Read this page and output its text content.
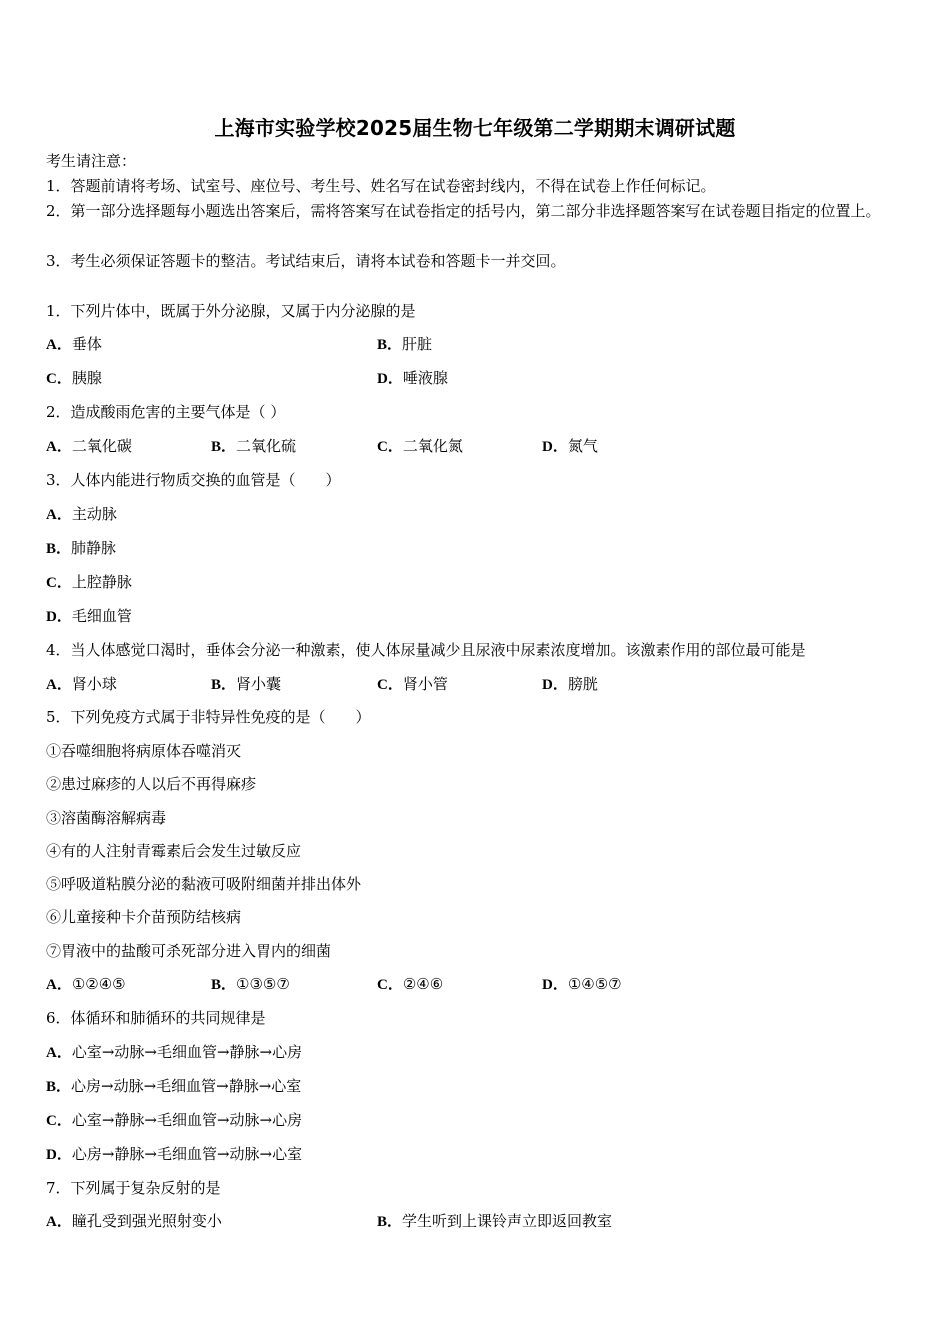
上海市实验学校2025届生物七年级第二学期期末调研试题
考生请注意：
1．答题前请将考场、试室号、座位号、考生号、姓名写在试卷密封线内，不得在试卷上作任何标记。
2．第一部分选择题每小题选出答案后，需将答案写在试卷指定的括号内，第二部分非选择题答案写在试卷题目指定的位置上。
3．考生必须保证答题卡的整洁。考试结束后，请将本试卷和答题卡一并交回。
1．下列片体中，既属于外分泌腺，又属于内分泌腺的是
A．垂体	B．肝脏
C．胰腺	D．唾液腺
2．造成酸雨危害的主要气体是（ ）
A．二氧化碳	B．二氧化硫	C．二氧化氮	D．氮气
3．人体内能进行物质交换的血管是（　　）
A．主动脉
B．肺静脉
C．上腔静脉
D．毛细血管
4．当人体感觉口渴时，垂体会分泌一种激素，使人体尿量减少且尿液中尿素浓度增加。该激素作用的部位最可能是
A．肾小球	B．肾小囊	C．肾小管	D．膀胱
5．下列免疫方式属于非特异性免疫的是（　　）
①吞噬细胞将病原体吞噬消灭
②患过麻疹的人以后不再得麻疹
③溶菌酶溶解病毒
④有的人注射青霉素后会发生过敏反应
⑤呼吸道粘膜分泌的黏液可吸附细菌并排出体外
⑥儿童接种卡介苗预防结核病
⑦胃液中的盐酸可杀死部分进入胃内的细菌
A．①②④⑤	B．①③⑤⑦	C．②④⑥	D．①④⑤⑦
6．体循环和肺循环的共同规律是
A．心室→动脉→毛细血管→静脉→心房
B．心房→动脉→毛细血管→静脉→心室
C．心室→静脉→毛细血管→动脉→心房
D．心房→静脉→毛细血管→动脉→心室
7．下列属于复杂反射的是
A．瞳孔受到强光照射变小	B．学生听到上课铃声立即返回教室
